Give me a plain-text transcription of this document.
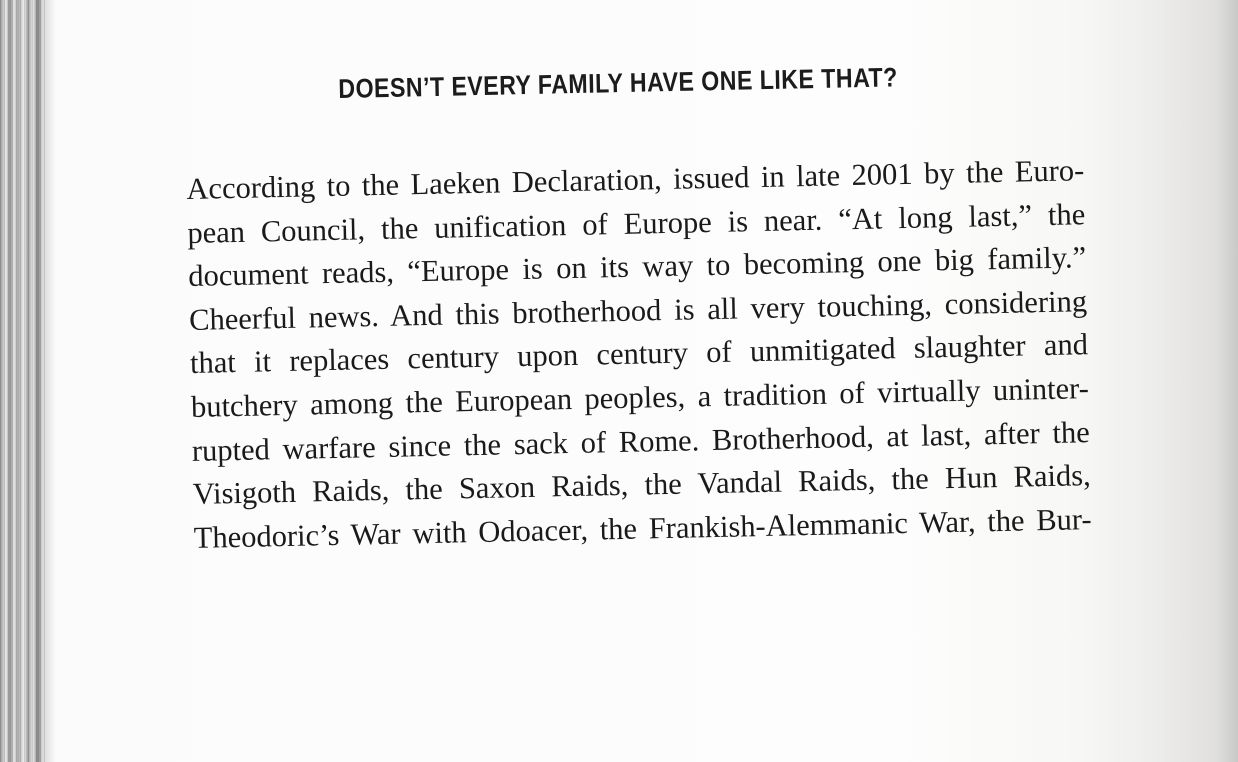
DOESN’T EVERY FAMILY HAVE ONE LIKE THAT?
According to the Laeken Declaration, issued in late 2001 by the Euro-
pean Council, the unification of Europe is near. “At long last,” the
document reads, “Europe is on its way to becoming one big family.”
Cheerful news. And this brotherhood is all very touching, considering
that it replaces century upon century of unmitigated slaughter and
butchery among the European peoples, a tradition of virtually uninter-
rupted warfare since the sack of Rome. Brotherhood, at last, after the
Visigoth Raids, the Saxon Raids, the Vandal Raids, the Hun Raids,
Theodoric’s War with Odoacer, the Frankish-Alemmanic War, the Bur-
